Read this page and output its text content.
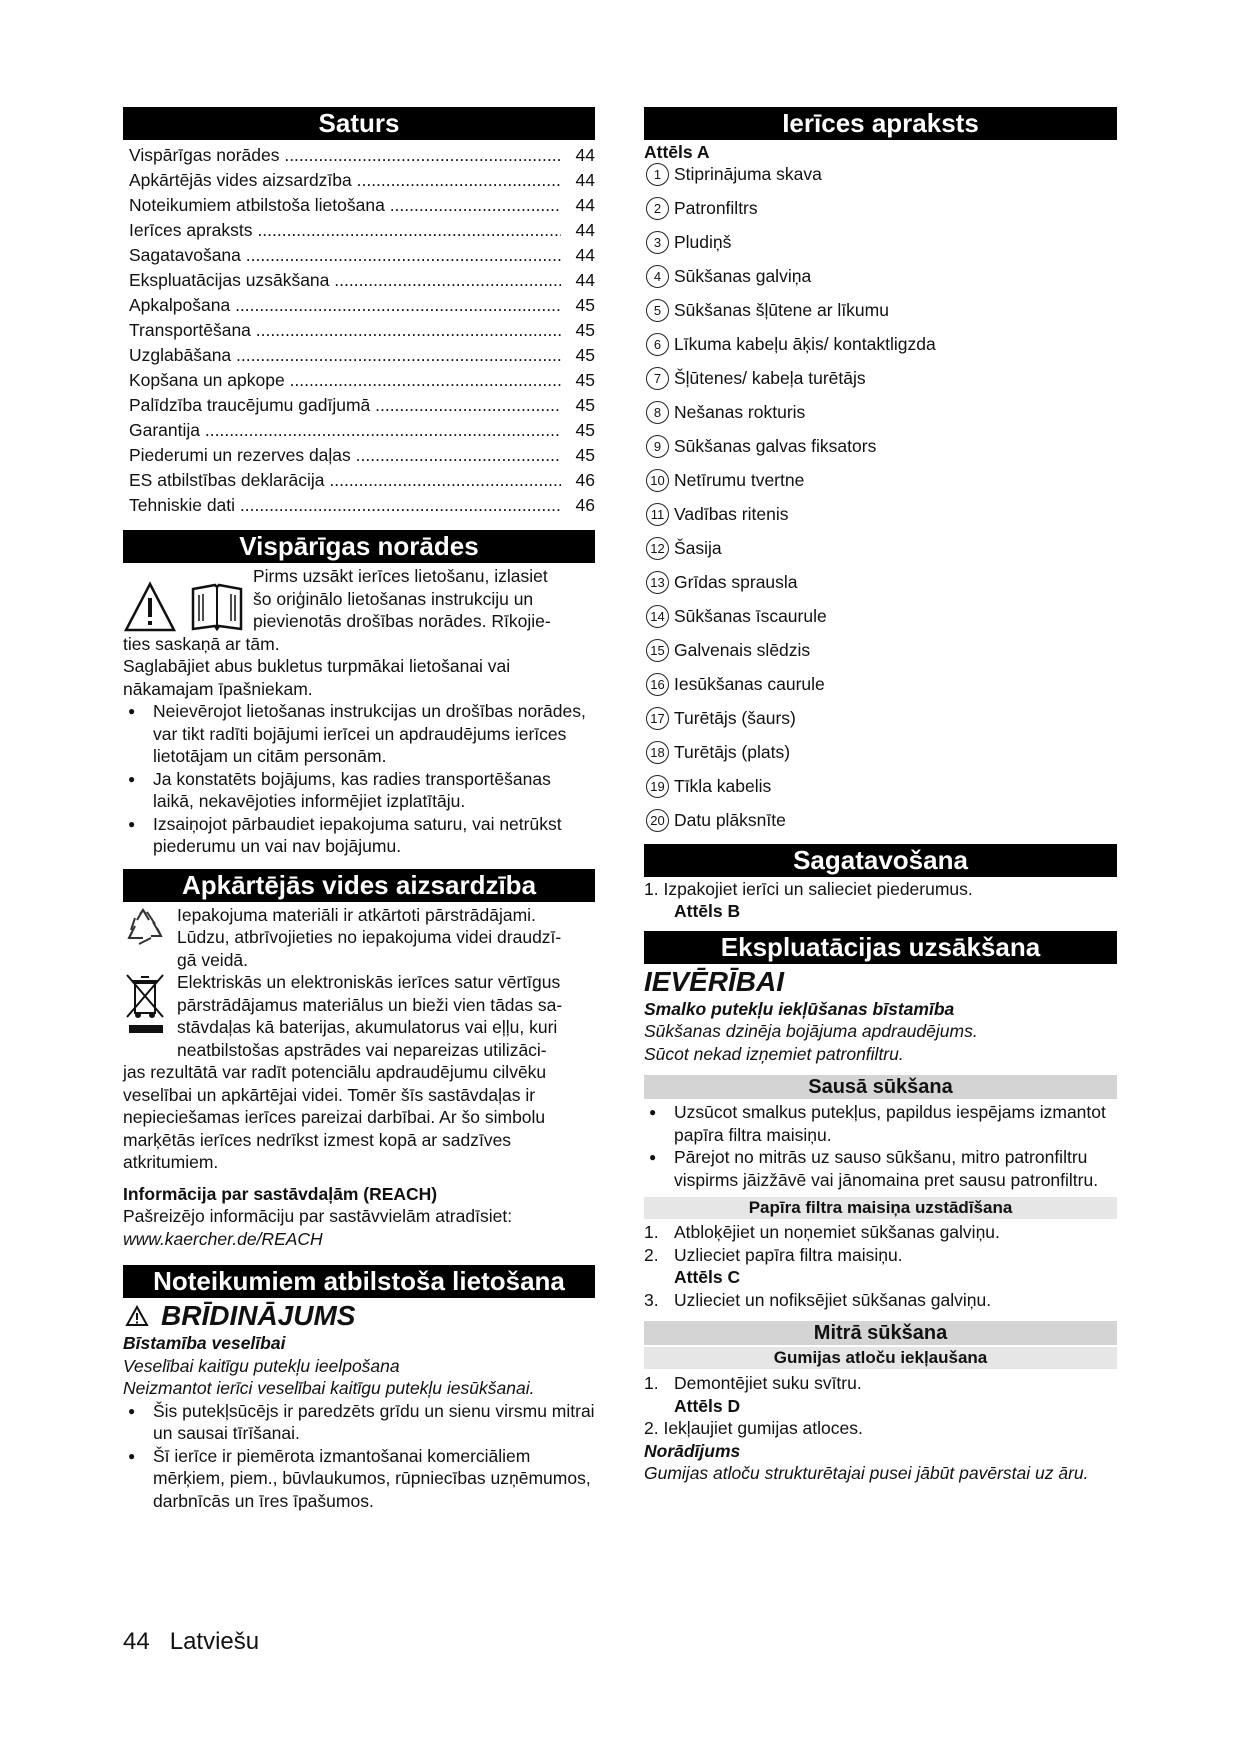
Saturs
Vispārīgas norādes .....	44
Apkārtējās vides aizsardzība .....	44
Noteikumiem atbilstoša lietošana .....	44
Ierīces apraksts .....	44
Sagatavošana .....	44
Ekspluatācijas uzsākšana .....	44
Apkalpošana .....	45
Transportēšana .....	45
Uzglabāšana .....	45
Kopšana un apkope .....	45
Palīdzība traucējumu gadījumā .....	45
Garantija .....	45
Piederumi un rezerves daļas .....	45
ES atbilstības deklarācija .....	46
Tehniskie dati .....	46
Vispārīgas norādes

Pirms uzsākt ierīces lietošanu, izlasiet

šo oriģinālo lietošanas instrukciju un

pievienotās drošības norādes. Rīkojie-

ties saskaņā ar tām.

Saglabājiet abus bukletus turpmākai lietošanai vai nākamajam īpašniekam.

● Neievērojot lietošanas instrukcijas un drošības norādes, var tikt radīti bojājumi ierīcei un apdraudējums ierīces lietotājam un citām personām.

● Ja konstatēts bojājums, kas radies transportēšanas laikā, nekavējoties informējiet izplatītāju.

● Izsaiņojot pārbaudiet iepakojuma saturu, vai netrūkst piederumu un vai nav bojājumu.

Apkārtējās vides aizsardzība

Iepakojuma materiāli ir atkārtoti pārstrādājami.

Lūdzu, atbrīvojieties no iepakojuma videi draudzī-

gā veidā.

Elektriskās un elektroniskās ierīces satur vērtīgus

pārstrādājamus materiālus un bieži vien tādas sa-

stāvdaļas kā baterijas, akumulatorus vai eļļu, kuri

neatbilstošas apstrādes vai nepareizas utilizāci-

jas rezultātā var radīt potenciālu apdraudējumu cilvēku veselībai un apkārtējai videi. Tomēr šīs sastāvdaļas ir nepieciešamas ierīces pareizai darbībai. Ar šo simbolu marķētās ierīces nedrīkst izmest kopā ar sadzīves atkritumiem.

Informācija par sastāvdaļām (REACH)

Pašreizējo informāciju par sastāvvielām atradīsiet:

www.kaercher.de/REACH

Noteikumiem atbilstoša lietošana
BRĪDINĀJUMS

Bīstamība veselībai

Veselībai kaitīgu putekļu ieelpošana

Neizmantot ierīci veselībai kaitīgu putekļu iesūkšanai.

● Šis putekļsūcējs ir paredzēts grīdu un sienu virsmu mitrai un sausai tīrīšanai.

● Šī ierīce ir piemērota izmantošanai komerciāliem mērķiem, piem., būvlaukumos, rūpniecības uzņēmumos, darbnīcās un īres īpašumos.

Ierīces apraksts

Attēls A

1 Stiprinājuma skava
2 Patronfiltrs
3 Pludiņš
4 Sūkšanas galviņa
5 Sūkšanas šļūtene ar līkumu
6 Līkuma kabeļu āķis/ kontaktligzda
7 Šļūtenes/ kabeļa turētājs
8 Nešanas rokturis
9 Sūkšanas galvas fiksators
10 Netīrumu tvertne
11 Vadības ritenis
12 Šasija
13 Grīdas sprausla
14 Sūkšanas īscaurule
15 Galvenais slēdzis
16 Iesūkšanas caurule
17 Turētājs (šaurs)
18 Turētājs (plats)
19 Tīkla kabelis
20 Datu plāksnīte
Sagatavošana

1. Izpakojiet ierīci un salieciet piederumus.

Attēls B

Ekspluatācijas uzsākšana

IEVĒRĪBAI

Smalko putekļu iekļūšanas bīstamība

Sūkšanas dzinēja bojājuma apdraudējums.

Sūcot nekad izņemiet patronfiltru.

Sausā sūkšana

● Uzsūcot smalkus putekļus, papildus iespējams izmantot papīra filtra maisiņu.

● Pārejot no mitrās uz sauso sūkšanu, mitro patronfiltru vispirms jāizžāvē vai jānomaina pret sausu patronfiltru.

Papīra filtra maisiņa uzstādīšana

1. Atbloķējiet un noņemiet sūkšanas galviņu.

2. Uzlieciet papīra filtra maisiņu.

Attēls C

3. Uzlieciet un nofiksējiet sūkšanas galviņu.

Mitrā sūkšana
Gumijas atloču iekļaušana

1. Demontējiet suku svītru.

Attēls D

2. Iekļaujiet gumijas atloces.

Norādījums

Gumijas atloču strukturētajai pusei jābūt pavērstai uz āru.

44 Latviešu
